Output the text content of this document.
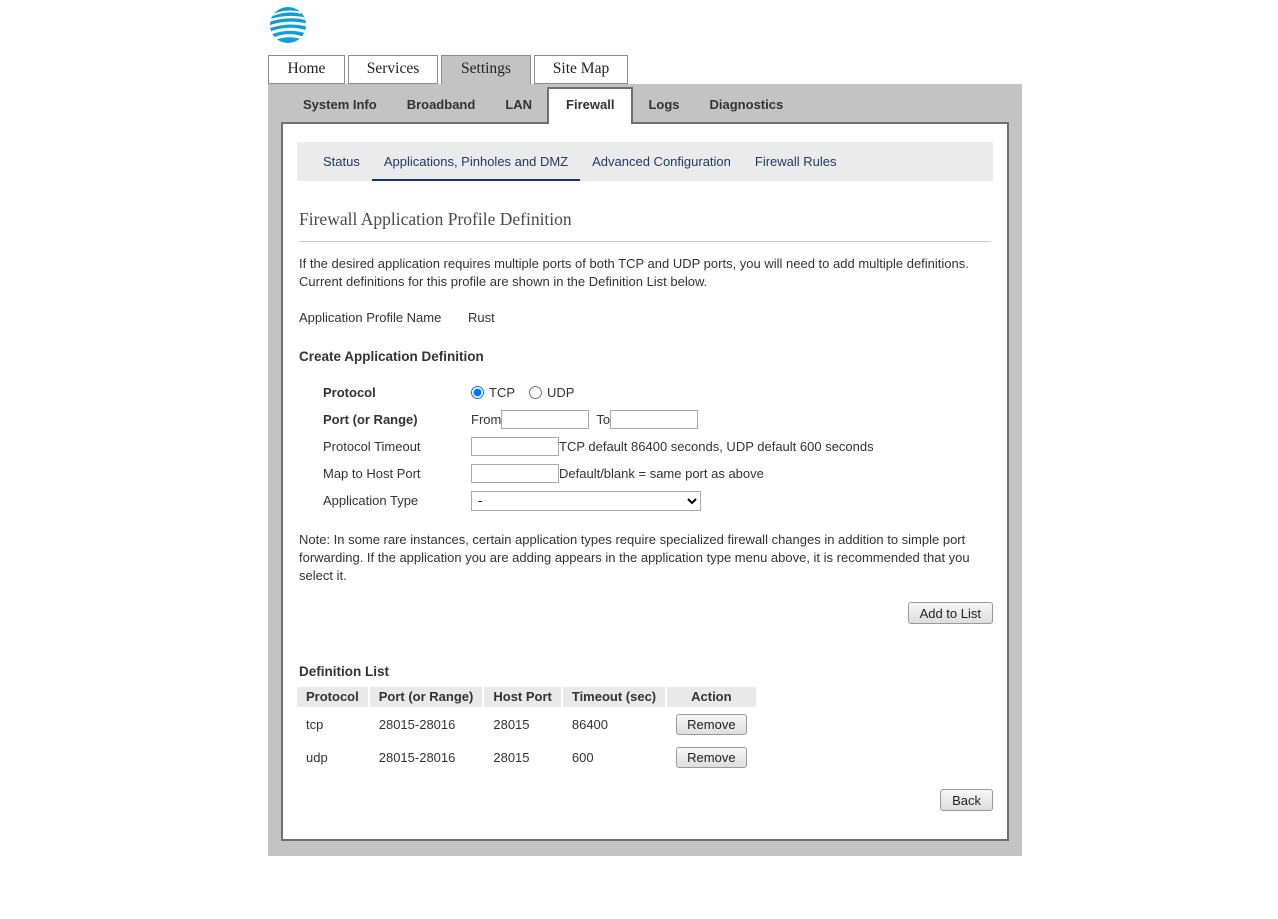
Home	Services	Settings	Site Map
System Info	Broadband	LAN	Firewall	Logs	Diagnostics
Status	Applications, Pinholes and DMZ	Advanced Configuration	Firewall Rules
Firewall Application Profile Definition

If the desired application requires multiple ports of both TCP and UDP ports, you will need to add multiple definitions. Current definitions for this profile are shown in the Definition List below.

Application Profile Name	Rust
Create Application Definition
Protocol	TCP UDP
Port (or Range)	From	To
Protocol Timeout	TCP default 86400 seconds, UDP default 600 seconds
Map to Host Port	Default/blank = same port as above
Application Type
-

Note: In some rare instances, certain application types require specialized firewall changes in addition to simple port forwarding. If the application you are adding appears in the application type menu above, it is recommended that you select it.

Add to List
Definition List
Protocol	Port (or Range)	Host Port	Timeout (sec)	Action
tcp	28015-28016	28015	86400	Remove
udp	28015-28016	28015	600	Remove
Back
